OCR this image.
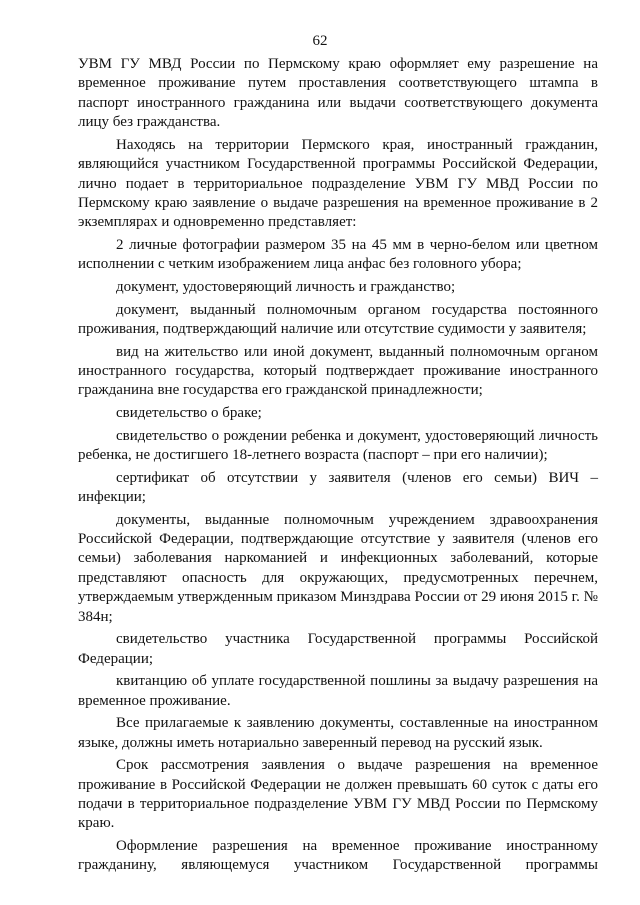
62

УВМ ГУ МВД России по Пермскому краю оформляет ему разрешение на временное проживание путем проставления соответствующего штампа в паспорт иностранного гражданина или выдачи соответствующего документа лицу без гражданства.

Находясь на территории Пермского края, иностранный гражданин, являющийся участником Государственной программы Российской Федерации, лично подает в территориальное подразделение УВМ ГУ МВД России по Пермскому краю заявление о выдаче разрешения на временное проживание в 2 экземплярах и одновременно представляет:

2 личные фотографии размером 35 на 45 мм в черно-белом или цветном исполнении с четким изображением лица анфас без головного убора;

документ, удостоверяющий личность и гражданство;

документ, выданный полномочным органом государства постоянного проживания, подтверждающий наличие или отсутствие судимости у заявителя;

вид на жительство или иной документ, выданный полномочным органом иностранного государства, который подтверждает проживание иностранного гражданина вне государства его гражданской принадлежности;

свидетельство о браке;

свидетельство о рождении ребенка и документ, удостоверяющий личность ребенка, не достигшего 18-летнего возраста (паспорт – при его наличии);

сертификат об отсутствии у заявителя (членов его семьи) ВИЧ – инфекции;

документы, выданные полномочным учреждением здравоохранения Российской Федерации, подтверждающие отсутствие у заявителя (членов его семьи) заболевания наркоманией и инфекционных заболеваний, которые представляют опасность для окружающих, предусмотренных перечнем, утверждаемым утвержденным приказом Минздрава России от 29 июня 2015 г. № 384н;

свидетельство участника Государственной программы Российской Федерации;

квитанцию об уплате государственной пошлины за выдачу разрешения на временное проживание.

Все прилагаемые к заявлению документы, составленные на иностранном языке, должны иметь нотариально заверенный перевод на русский язык.

Срок рассмотрения заявления о выдаче разрешения на временное проживание в Российской Федерации не должен превышать 60 суток с даты его подачи в территориальное подразделение УВМ ГУ МВД России по Пермскому краю.

Оформление разрешения на временное проживание иностранному гражданину, являющемуся участником Государственной программы
